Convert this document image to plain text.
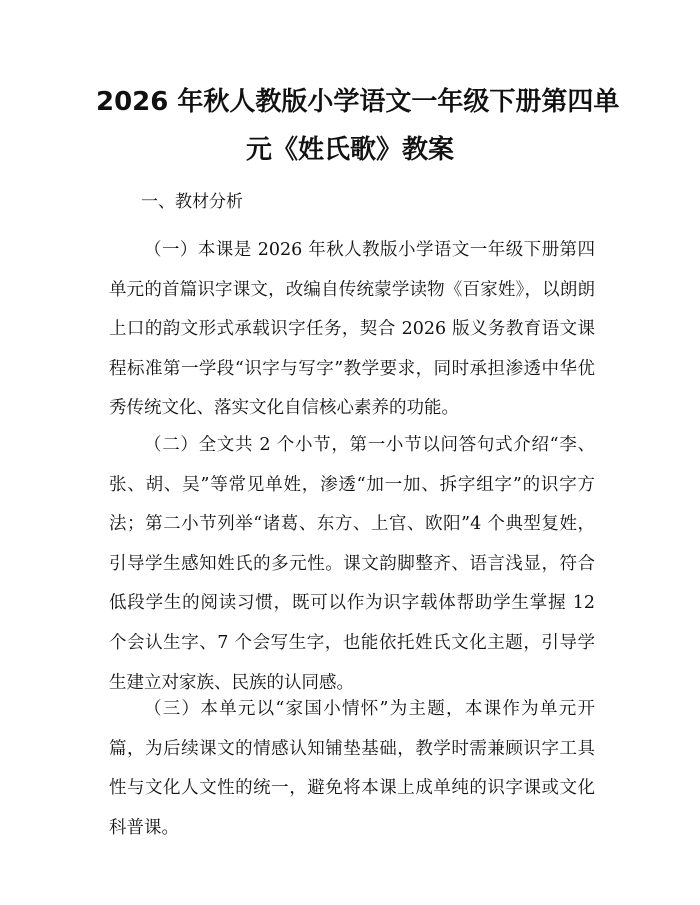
2026 年秋人教版小学语文一年级下册第四单
元《姓氏歌》教案
一、教材分析
（一）本课是 2026 年秋人教版小学语文一年级下册第四单元的首篇识字课文，改编自传统蒙学读物《百家姓》，以朗朗上口的韵文形式承载识字任务，契合 2026 版义务教育语文课程标准第一学段“识字与写字”教学要求，同时承担渗透中华优秀传统文化、落实文化自信核心素养的功能。
（二）全文共 2 个小节，第一小节以问答句式介绍“李、张、胡、吴”等常见单姓，渗透“加一加、拆字组字”的识字方法；第二小节列举“诸葛、东方、上官、欧阳”4 个典型复姓，引导学生感知姓氏的多元性。课文韵脚整齐、语言浅显，符合低段学生的阅读习惯，既可以作为识字载体帮助学生掌握 12 个会认生字、7 个会写生字，也能依托姓氏文化主题，引导学生建立对家族、民族的认同感。
（三）本单元以“家国小情怀”为主题，本课作为单元开篇，为后续课文的情感认知铺垫基础，教学时需兼顾识字工具性与文化人文性的统一，避免将本课上成单纯的识字课或文化科普课。
